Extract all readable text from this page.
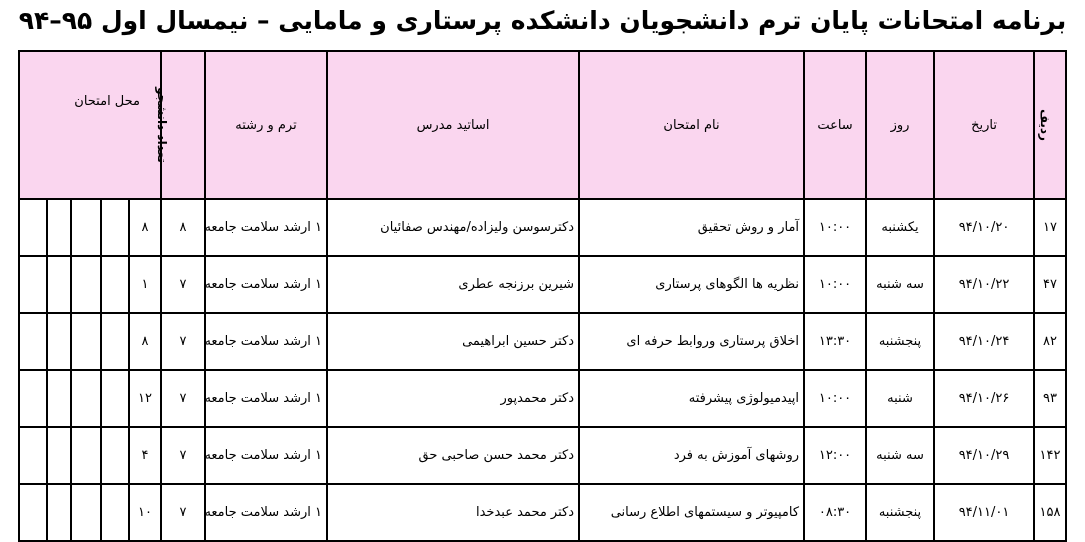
برنامه امتحانات پایان ترم دانشجویان دانشکده پرستاری و مامایی – نیمسال اول ۹۵–۹۴
ردیف	تاریخ	روز	ساعت	نام امتحان	اساتید مدرس	ترم و رشته	تعداد دانشجو	محل امتحان				
۱۷	۹۴/۱۰/۲۰	یکشنبه	۱۰:۰۰	آمار و روش تحقیق	دکترسوسن ولیزاده/مهندس صفائیان	۱ ارشد سلامت جامعه	۸	۸				
۴۷	۹۴/۱۰/۲۲	سه شنبه	۱۰:۰۰	نظریه ها الگوهای پرستاری	شیرین برزنجه عطری	۱ ارشد سلامت جامعه	۷	۱				
۸۲	۹۴/۱۰/۲۴	پنجشنبه	۱۳:۳۰	اخلاق پرستاری وروابط حرفه ای	دکتر حسین ابراهیمی	۱ ارشد سلامت جامعه	۷	۸				
۹۳	۹۴/۱۰/۲۶	شنبه	۱۰:۰۰	اپیدمیولوژی پیشرفته	دکتر محمدپور	۱ ارشد سلامت جامعه	۷	۱۲				
۱۴۲	۹۴/۱۰/۲۹	سه شنبه	۱۲:۰۰	روشهای آموزش به فرد	دکتر محمد حسن صاحبی حق	۱ ارشد سلامت جامعه	۷	۴				
۱۵۸	۹۴/۱۱/۰۱	پنجشنبه	۰۸:۳۰	کامپیوتر و سیستمهای اطلاع رسانی	دکتر محمد عبدخدا	۱ ارشد سلامت جامعه	۷	۱۰				
